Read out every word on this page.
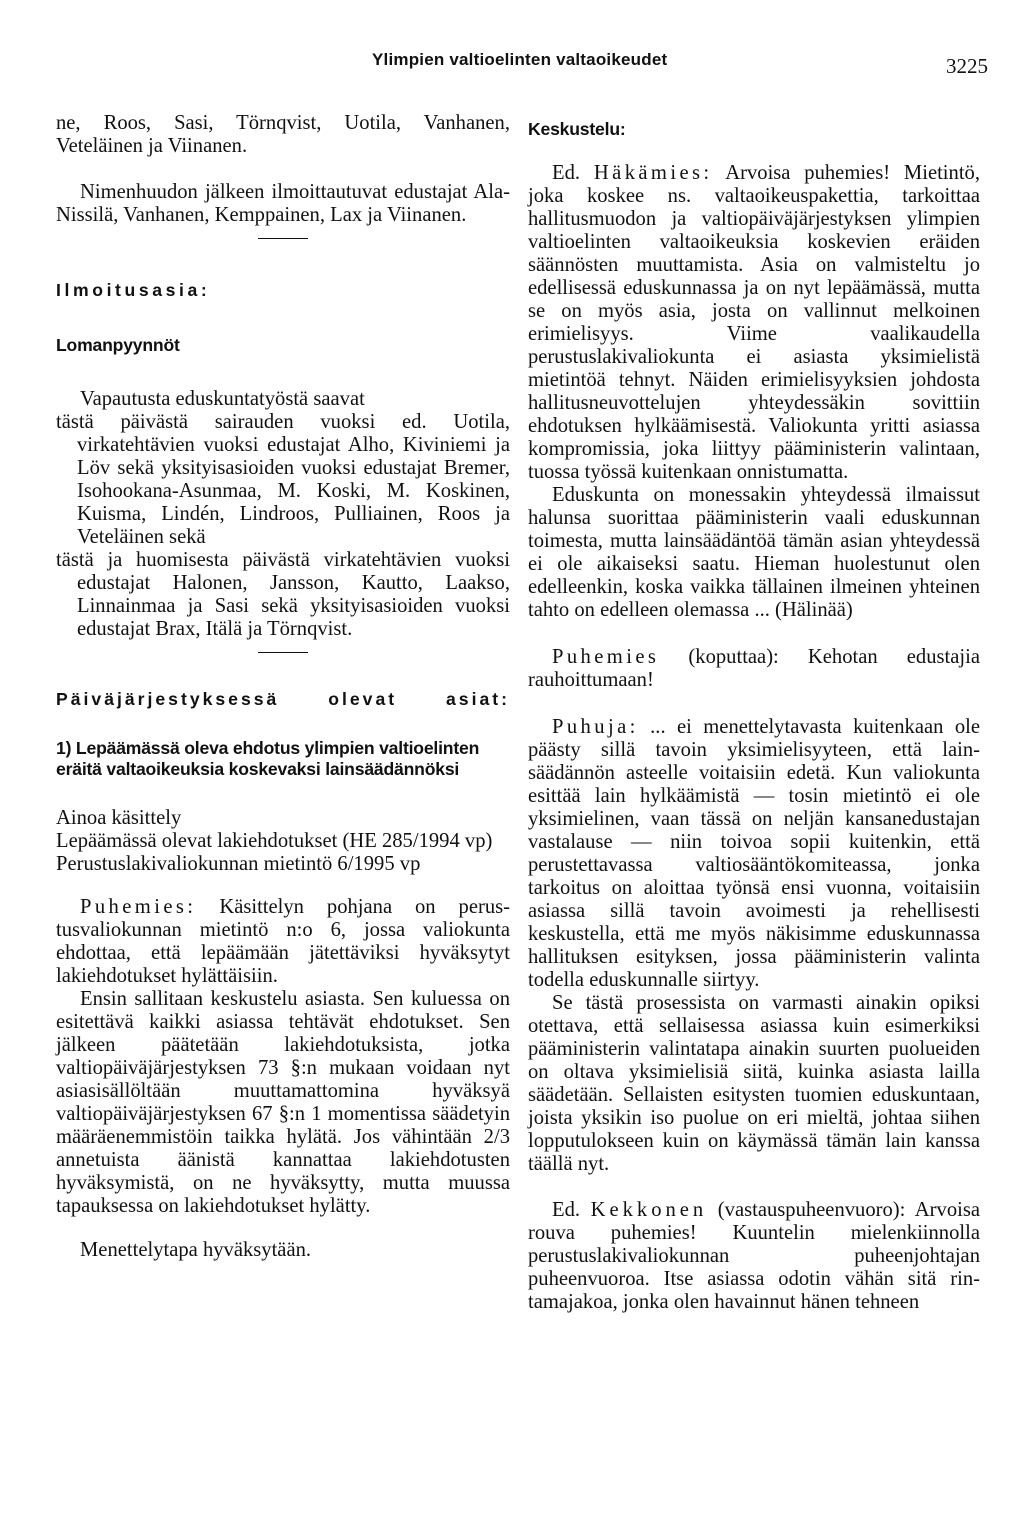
Ylimpien valtioelinten valtaoikeudet	3225

ne, Roos, Sasi, Törnqvist, Uotila, Vanhanen, Veteläinen ja Viinanen.

Nimenhuudon jälkeen ilmoittautuvat edustajat Ala-Nissilä, Vanhanen, Kemppainen, Lax ja Viinanen.

Ilmoitusasia:

Lomanpyynnöt

Vapautusta eduskuntatyöstä saavat

tästä päivästä sairauden vuoksi ed. Uotila, virkatehtävien vuoksi edustajat Alho, Kiviniemi ja Löv sekä yksityisasioiden vuoksi edustajat Bremer, Isohookana-Asunmaa, M. Koski, M. Koskinen, Kuisma, Lindén, Lindroos, Pulliainen, Roos ja Veteläinen sekä

tästä ja huomisesta päivästä virkatehtävien vuoksi edustajat Halonen, Jansson, Kautto, Laakso, Linnainmaa ja Sasi sekä yksityisasioiden vuoksi edustajat Brax, Itälä ja Törnqvist.

Päiväjärjestyksessä olevat asiat:

1) Lepäämässä oleva ehdotus ylimpien valtioelinten eräitä valtaoikeuksia koskevaksi lainsäädännöksi

Ainoa käsittely

Lepäämässä olevat lakiehdotukset (HE 285/1994 vp)

Perustuslakivaliokunnan mietintö 6/1995 vp

Puhemies: Käsittelyn pohjana on perustusvaliokunnan mietintö n:o 6, jossa valiokunta ehdottaa, että lepäämään jätettäviksi hyväksytyt lakiehdotukset hylättäisiin.

Ensin sallitaan keskustelu asiasta. Sen kuluessa on esitettävä kaikki asiassa tehtävät ehdotukset. Sen jälkeen päätetään lakiehdotuksista, jotka valtiopäiväjärjestyksen 73 §:n mukaan voidaan nyt asiasisällöltään muuttamattomina hyväksyä valtiopäiväjärjestyksen 67 §:n 1 momentissa säädetyin määräenemmistöin taikka hylätä. Jos vähintään 2/3 annetuista äänistä kannattaa lakiehdotusten hyväksymistä, on ne hyväksytty, mutta muussa tapauksessa on lakiehdotukset hylätty.

Menettelytapa hyväksytään.

Keskustelu:

Ed. Häkämies: Arvoisa puhemies! Mietintö, joka koskee ns. valtaoikeuspakettia, tarkoittaa hallitusmuodon ja valtiopäiväjärjestyksen ylimpien valtioelinten valtaoikeuksia koskevien eräiden säännösten muuttamista. Asia on valmisteltu jo edellisessä eduskunnassa ja on nyt lepäämässä, mutta se on myös asia, josta on vallinnut melkoinen erimielisyys. Viime vaalikaudella perustuslakivaliokunta ei asiasta yksimielistä mietintöä tehnyt. Näiden erimielisyyksien johdosta hallitusneuvottelujen yhteydessäkin sovittiin ehdotuksen hylkäämisestä. Valiokunta yritti asiassa kompromissia, joka liittyy pääministerin valintaan, tuossa työssä kuitenkaan onnistumatta.

Eduskunta on monessakin yhteydessä ilmaissut halunsa suorittaa pääministerin vaali eduskunnan toimesta, mutta lainsäädäntöä tämän asian yhteydessä ei ole aikaiseksi saatu. Hieman huolestunut olen edelleenkin, koska vaikka tällainen ilmeinen yhteinen tahto on edelleen olemassa ... (Hälinää)

Puhemies (koputtaa): Kehotan edustajia rauhoittumaan!

Puhuja: ... ei menettelytavasta kuitenkaan ole päästy sillä tavoin yksimielisyyteen, että lainsäädännön asteelle voitaisiin edetä. Kun valiokunta esittää lain hylkäämistä — tosin mietintö ei ole yksimielinen, vaan tässä on neljän kansanedustajan vastalause — niin toivoa sopii kuitenkin, että perustettavassa valtiosääntökomiteassa, jonka tarkoitus on aloittaa työnsä ensi vuonna, voitaisiin asiassa sillä tavoin avoimesti ja rehellisesti keskustella, että me myös näkisimme eduskunnassa hallituksen esityksen, jossa pääministerin valinta todella eduskunnalle siirtyy.

Se tästä prosessista on varmasti ainakin opiksi otettava, että sellaisessa asiassa kuin esimerkiksi pääministerin valintatapa ainakin suurten puolueiden on oltava yksimielisiä siitä, kuinka asiasta lailla säädetään. Sellaisten esitysten tuomien eduskuntaan, joista yksikin iso puolue on eri mieltä, johtaa siihen lopputulokseen kuin on käymässä tämän lain kanssa täällä nyt.

Ed. Kekkonen (vastauspuheenvuoro): Arvoisa rouva puhemies! Kuuntelin mielenkiinnolla perustuslakivaliokunnan puheenjohtajan puheenvuoroa. Itse asiassa odotin vähän sitä rintamajakoa, jonka olen havainnut hänen tehneen
